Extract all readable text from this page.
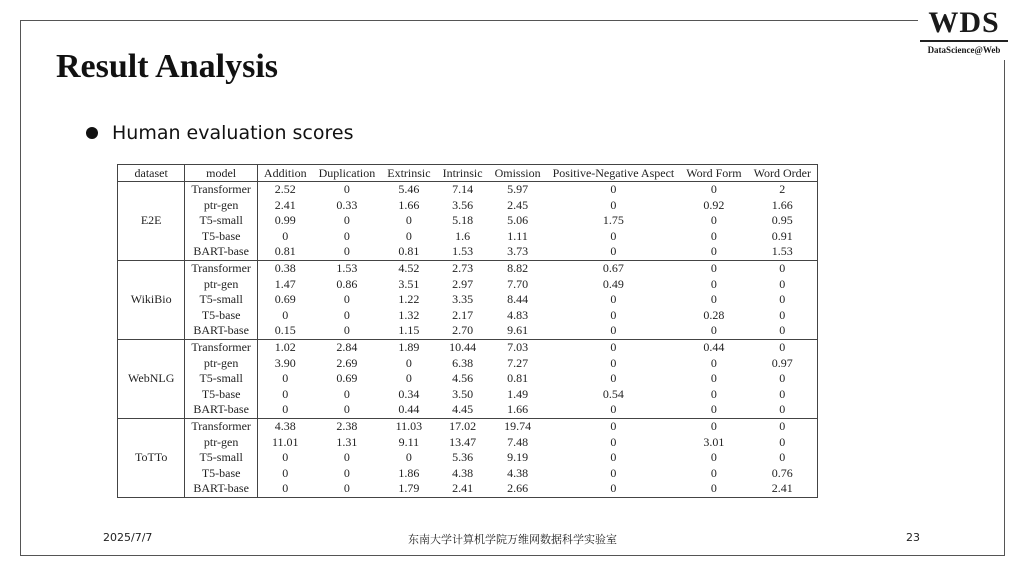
WDS
DataScience@Web
Result Analysis
Human evaluation scores
dataset	model	Addition	Duplication	Extrinsic	Intrinsic	Omission	Positive-Negative Aspect	Word Form	Word Order
E2E	Transformer	2.52	0	5.46	7.14	5.97	0	0	2
	ptr-gen	2.41	0.33	1.66	3.56	2.45	0	0.92	1.66
	T5-small	0.99	0	0	5.18	5.06	1.75	0	0.95
	T5-base	0	0	0	1.6	1.11	0	0	0.91
	BART-base	0.81	0	0.81	1.53	3.73	0	0	1.53
WikiBio	Transformer	0.38	1.53	4.52	2.73	8.82	0.67	0	0
	ptr-gen	1.47	0.86	3.51	2.97	7.70	0.49	0	0
	T5-small	0.69	0	1.22	3.35	8.44	0	0	0
	T5-base	0	0	1.32	2.17	4.83	0	0.28	0
	BART-base	0.15	0	1.15	2.70	9.61	0	0	0
WebNLG	Transformer	1.02	2.84	1.89	10.44	7.03	0	0.44	0
	ptr-gen	3.90	2.69	0	6.38	7.27	0	0	0.97
	T5-small	0	0.69	0	4.56	0.81	0	0	0
	T5-base	0	0	0.34	3.50	1.49	0.54	0	0
	BART-base	0	0	0.44	4.45	1.66	0	0	0
ToTTo	Transformer	4.38	2.38	11.03	17.02	19.74	0	0	0
	ptr-gen	11.01	1.31	9.11	13.47	7.48	0	3.01	0
	T5-small	0	0	0	5.36	9.19	0	0	0
	T5-base	0	0	1.86	4.38	4.38	0	0	0.76
	BART-base	0	0	1.79	2.41	2.66	0	0	2.41
2025/7/7	东南大学计算机学院万维网数据科学实验室	23
